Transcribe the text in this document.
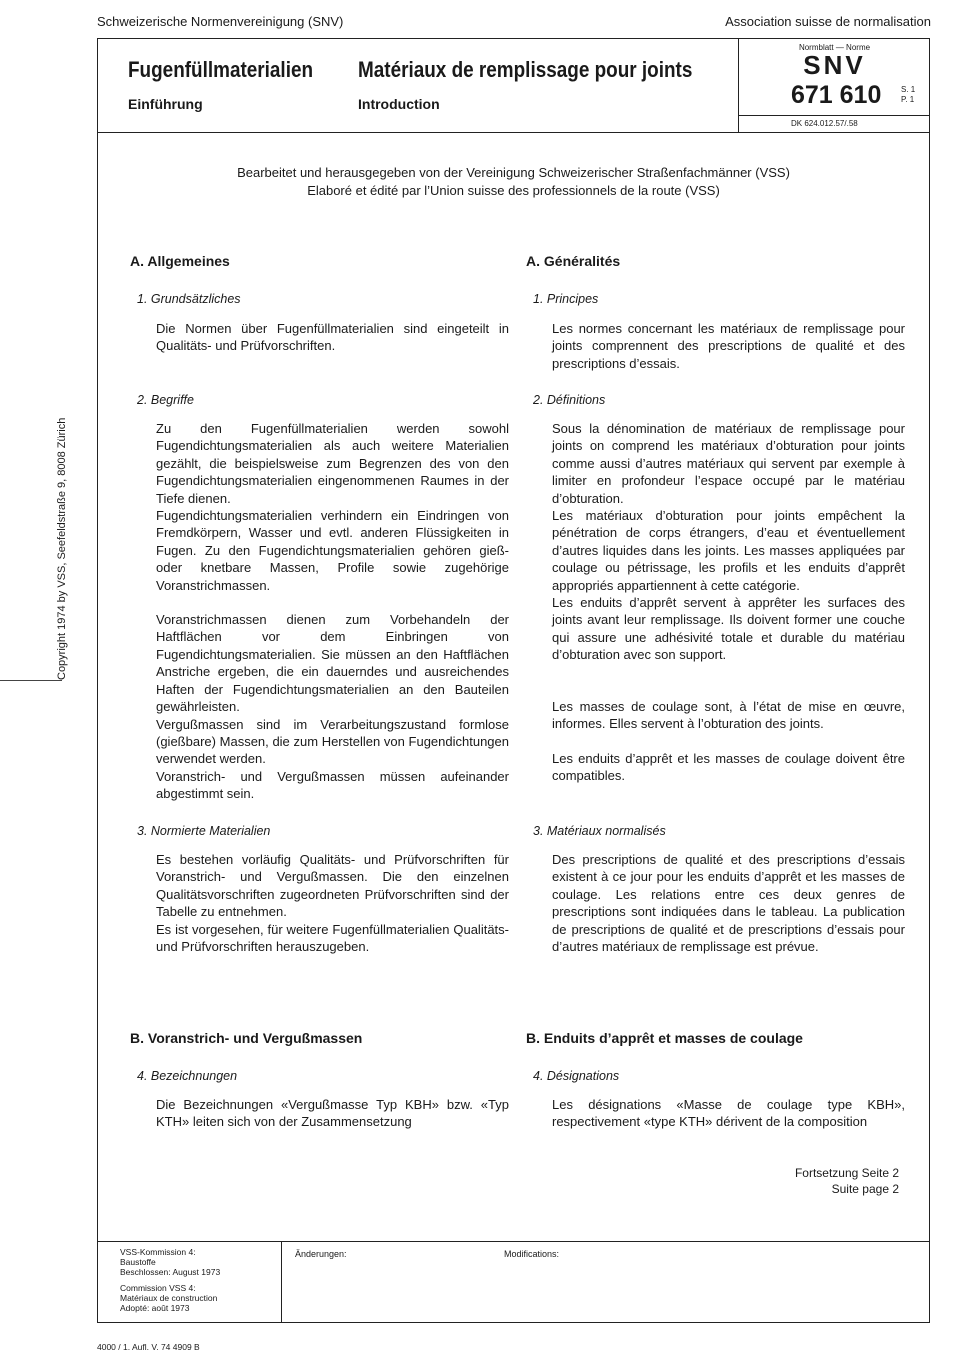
Schweizerische Normenvereinigung (SNV)	Association suisse de normalisation
Copyright 1974 by VSS, Seefeldstraße 9, 8008 Zürich
Fugenfüllmaterialien Matériaux de remplissage pour joints
Einführung	Introduction
Normblatt — Norme
SNV
671 610 S. 1
P. 1
DK 624.012.57/.58
Bearbeitet und herausgegeben von der Vereinigung Schweizerischer Straßenfachmänner (VSS)
Elaboré et édité par l’Union suisse des professionnels de la route (VSS)
A. Allgemeines
1. Grundsätzliches
Die Normen über Fugenfüllmaterialien sind eingeteilt in Qualitäts- und Prüfvorschriften.
2. Begriffe

Zu den Fugenfüllmaterialien werden sowohl Fugendichtungsmaterialien als auch weitere Materialien gezählt, die beispielsweise zum Begrenzen des von den Fugendichtungsmaterialien eingenommenen Raumes in der Tiefe dienen.

Fugendichtungsmaterialien verhindern ein Eindringen von Fremdkörpern, Wasser und evtl. anderen Flüssigkeiten in Fugen. Zu den Fugendichtungsmaterialien gehören gieß- oder knetbare Massen, Profile sowie zugehörige Voranstrichmassen.

Voranstrichmassen dienen zum Vorbehandeln der Haftflächen vor dem Einbringen von Fugendichtungsmaterialien. Sie müssen an den Haftflächen Anstriche ergeben, die ein dauerndes und ausreichendes Haften der Fugendichtungsmaterialien an den Bauteilen gewährleisten.

Vergußmassen sind im Verarbeitungszustand formlose (gießbare) Massen, die zum Herstellen von Fugendichtungen verwendet werden.

Voranstrich- und Vergußmassen müssen aufeinander abgestimmt sein.

3. Normierte Materialien

Es bestehen vorläufig Qualitäts- und Prüfvorschriften für Voranstrich- und Vergußmassen. Die den einzelnen Qualitätsvorschriften zugeordneten Prüfvorschriften sind der Tabelle zu entnehmen.

Es ist vorgesehen, für weitere Fugenfüllmaterialien Qualitäts- und Prüfvorschriften herauszugeben.

B. Voranstrich- und Vergußmassen
4. Bezeichnungen
Die Bezeichnungen «Vergußmasse Typ KBH» bzw. «Typ KTH» leiten sich von der Zusammensetzung
A. Généralités
1. Principes
Les normes concernant les matériaux de remplissage pour joints comprennent des prescriptions de qualité et des prescriptions d’essais.
2. Définitions

Sous la dénomination de matériaux de remplissage pour joints on comprend les matériaux d’obturation pour joints comme aussi d’autres matériaux qui servent par exemple à limiter en profondeur l’espace occupé par le matériau d’obturation.

Les matériaux d’obturation pour joints empêchent la pénétration de corps étrangers, d’eau et éventuellement d’autres liquides dans les joints. Les masses appliquées par coulage ou pétrissage, les profils et les enduits d’apprêt appropriés appartiennent à cette catégorie.

Les enduits d’apprêt servent à apprêter les surfaces des joints avant leur remplissage. Ils doivent former une couche qui assure une adhésivité totale et durable du matériau d’obturation avec son support.

Les masses de coulage sont, à l’état de mise en œuvre, informes. Elles servent à l’obturation des joints.

Les enduits d’apprêt et les masses de coulage doivent être compatibles.

3. Matériaux normalisés
Des prescriptions de qualité et des prescriptions d’essais existent à ce jour pour les enduits d’apprêt et les masses de coulage. Les relations entre ces deux genres de prescriptions sont indiquées dans le tableau. La publication de prescriptions de qualité et de prescriptions d’essais pour d’autres matériaux de remplissage est prévue.
B. Enduits d’apprêt et masses de coulage
4. Désignations
Les désignations «Masse de coulage type KBH», respectivement «type KTH» dérivent de la composition
Fortsetzung Seite 2
Suite page 2
VSS-Kommission 4:
Baustoffe
Beschlossen: August 1973
Commission VSS 4:
Matériaux de construction
Adopté: août 1973
Änderungen:	Modifications:
4000 / 1. Aufl. V. 74 4909 B
